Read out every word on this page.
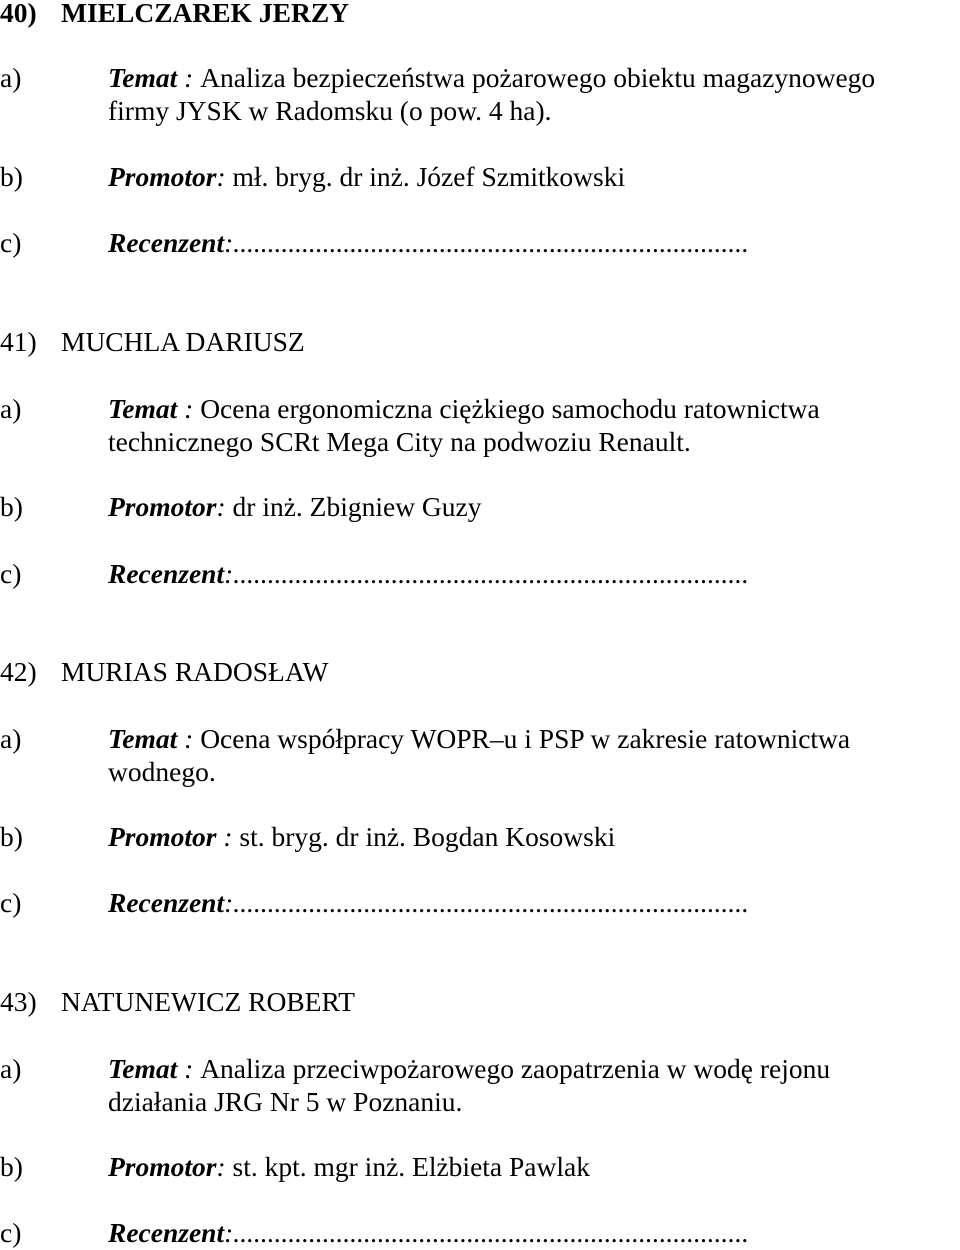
40) MIELCZAREK JERZY
a)	Temat : Analiza bezpieczeństwa pożarowego obiektu magazynowego
firmy JYSK w Radomsku (o pow. 4 ha).
b)	Promotor: mł. bryg. dr inż. Józef Szmitkowski
c)	Recenzent:...........................................................................
41) MUCHLA DARIUSZ
a)	Temat : Ocena ergonomiczna ciężkiego samochodu ratownictwa
technicznego SCRt Mega City na podwoziu Renault.
b)	Promotor: dr inż. Zbigniew Guzy
c)	Recenzent:...........................................................................
42) MURIAS RADOSŁAW
a)	Temat : Ocena współpracy WOPR–u i PSP w zakresie ratownictwa
wodnego.
b)	Promotor : st. bryg. dr inż. Bogdan Kosowski
c)	Recenzent:...........................................................................
43) NATUNEWICZ ROBERT
a)	Temat : Analiza przeciwpożarowego zaopatrzenia w wodę rejonu
działania JRG Nr 5 w Poznaniu.
b)	Promotor: st. kpt. mgr inż. Elżbieta Pawlak
c)	Recenzent:...........................................................................
